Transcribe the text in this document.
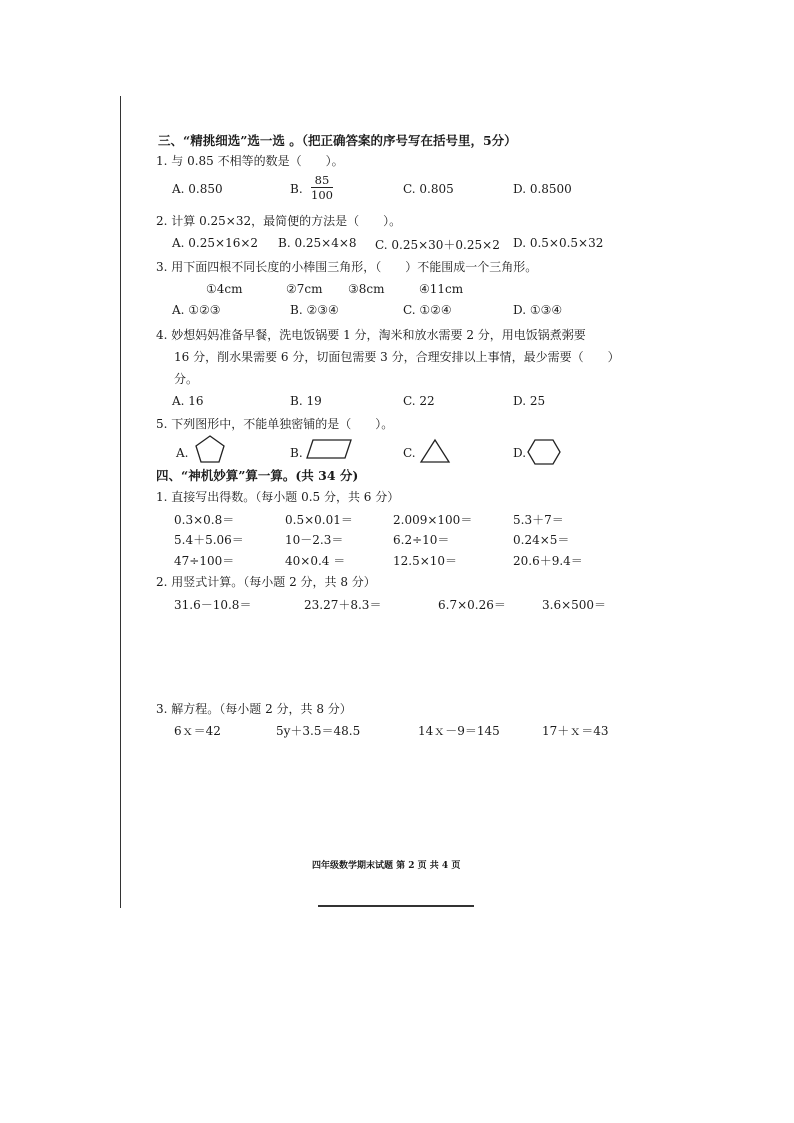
三、“精挑细选”选一选 。（把正确答案的序号写在括号里，5分）
1. 与 0.85 不相等的数是（　　）。
A. 0.850	B. $\frac{85}{100}$	C. 0.805	D. 0.8500
2. 计算 0.25×32，最简便的方法是（　　）。
A. 0.25×16×2 B. 0.25×4×8 C. 0.25×30＋0.25×2 D. 0.5×0.5×32
3. 用下面四根不同长度的小棒围三角形，（　　）不能围成一个三角形。
①4cm	②7cm ③8cm	④11cm
A. ①②③	B. ②③④	C. ①②④	D. ①③④
4. 妙想妈妈准备早餐，洗电饭锅要 1 分，淘米和放水需要 2 分，用电饭锅煮粥要
16 分，削水果需要 6 分，切面包需要 3 分，合理安排以上事情，最少需要（　　）
分。
A. 16	B. 19	C. 22	D. 25
5. 下列图形中，不能单独密铺的是（　　）。
A.	B.	C.	D.
四、“神机妙算”算一算。(共 34 分)
1. 直接写出得数。（每小题 0.5 分，共 6 分）
0.3×0.8＝	0.5×0.01＝	2.009×100＝	5.3＋7＝
5.4＋5.06＝	10－2.3＝	6.2÷10＝	0.24×5＝
47÷100＝	40×0.4 ＝	12.5×10＝	20.6＋9.4＝
2. 用竖式计算。（每小题 2 分，共 8 分）
31.6－10.8＝	23.27＋8.3＝	6.7×0.26＝	3.6×500＝
3. 解方程。（每小题 2 分，共 8 分）
6ｘ＝42	5y＋3.5＝48.5	14ｘ－9＝145	17＋ｘ＝43
四年级数学期末试题 第 2 页 共 4 页
